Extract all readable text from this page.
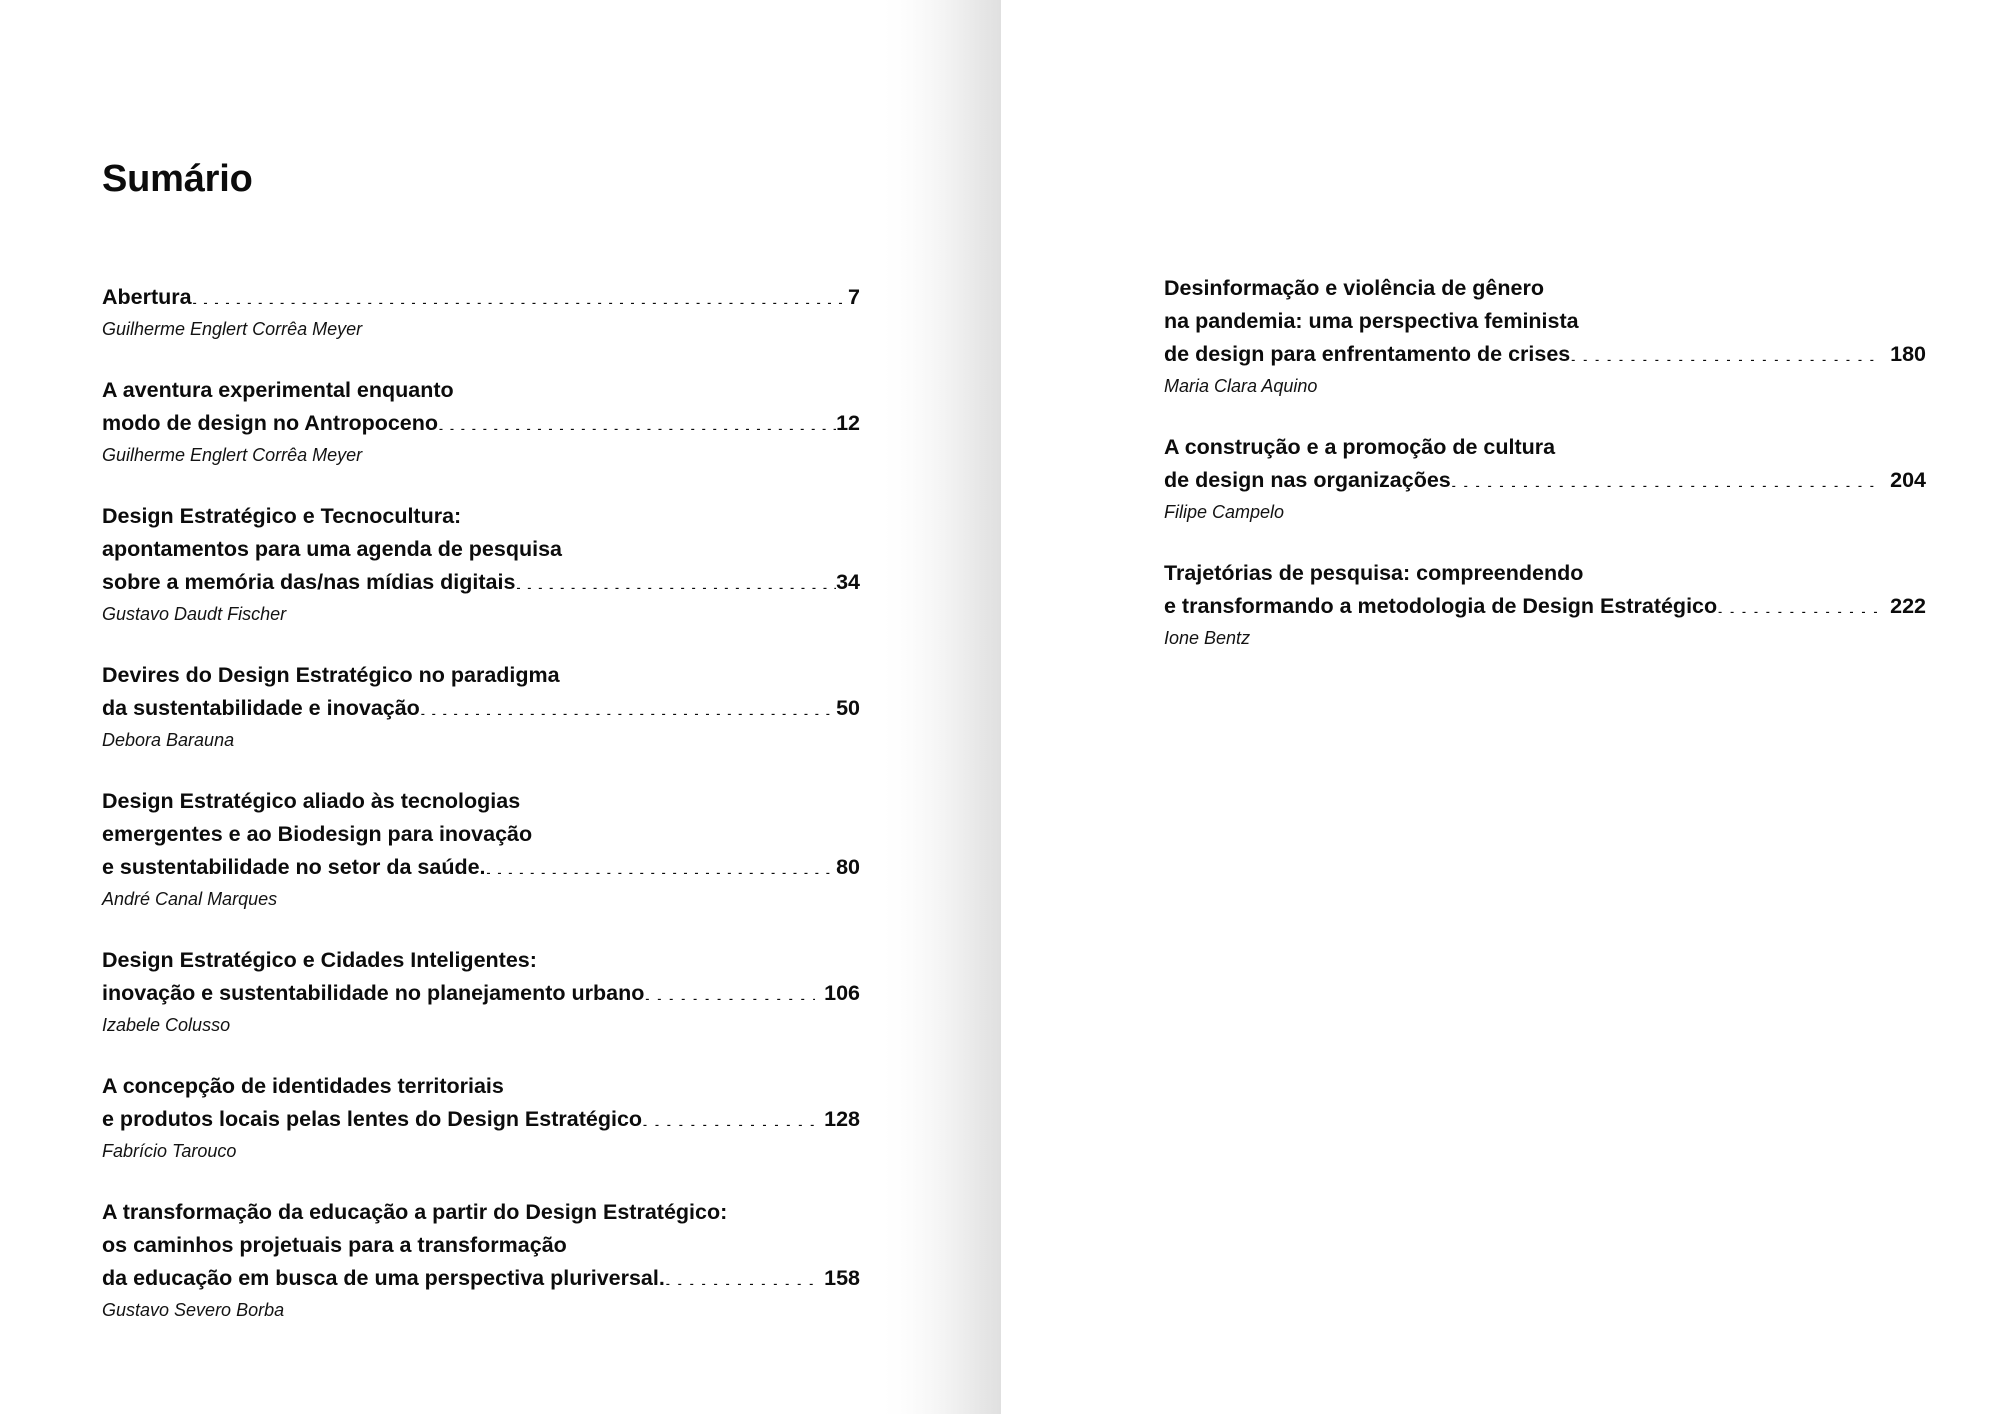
Sumário
Abertura . . .	7
Guilherme Englert Corrêa Meyer
A aventura experimental enquanto
modo de design no Antropoceno . . .	12
Guilherme Englert Corrêa Meyer
Design Estratégico e Tecnocultura:
apontamentos para uma agenda de pesquisa
sobre a memória das/nas mídias digitais . . .	34
Gustavo Daudt Fischer
Devires do Design Estratégico no paradigma
da sustentabilidade e inovação . . .	50
Debora Barauna
Design Estratégico aliado às tecnologias
emergentes e ao Biodesign para inovação
e sustentabilidade no setor da saúde. . . .	80
André Canal Marques
Design Estratégico e Cidades Inteligentes:
inovação e sustentabilidade no planejamento urbano . . .	106
Izabele Colusso
A concepção de identidades territoriais
e produtos locais pelas lentes do Design Estratégico . . .	128
Fabrício Tarouco
A transformação da educação a partir do Design Estratégico:
os caminhos projetuais para a transformação
da educação em busca de uma perspectiva pluriversal. . . .	158
Gustavo Severo Borba
Desinformação e violência de gênero
na pandemia: uma perspectiva feminista
de design para enfrentamento de crises . . .	180
Maria Clara Aquino
A construção e a promoção de cultura
de design nas organizações . . .	204
Filipe Campelo
Trajetórias de pesquisa: compreendendo
e transformando a metodologia de Design Estratégico . . .	222
Ione Bentz
